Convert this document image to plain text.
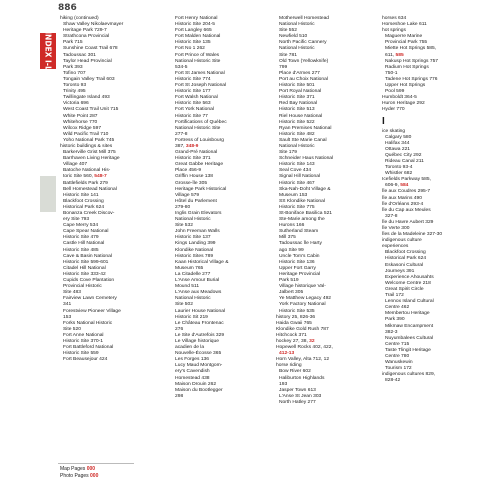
886
INDEX I-L
hiking (continued)
Shaw Valley Nikolaevmayer
Heritage Park 729-7
Strathcona Provincial
Park 715
Sunshine Coast Trail 678
Tadoussac 301
Taylor Head Provincial
Park 393
Tofino 707
Tongain Valley Trail 603
Toronto 93
Trinity 495
Twillingate Island 493
Victoria 696
West Coast Trail Unit 715
White Point 287
Whitehorse 770
Wilcox Ridge 597
Wild Pacific Trail 710
Yoho National Park 745
historic buildings & sites
Barkerville Grist Mill 375
Barrhaven Living Heritage
Village 407
Batoche National His-
toric Site 560, 548-7
Battlefields Park 279
Bell Homestead National
Historic Site 141
Blackfoot Crossing
Historical Park 624
Bonanza Creek Discov-
ery Site 793
Cape Merry 534
Cape Spear National
Historic Site 479
Castle Hill National
Historic Site 485
Cave & Basin National
Historic Site 599-601
Citadel Hill National
Historic Site 333-42
Cupids Cove Plantation
Provincial Historic
Site 483
Fairview Lawn Cemetery
341
Forestview Pioneer Village
153
Forks National Historic
Site 520
Fort Anne National
Historic Site 370-1
Fort Battleford National
Historic Site 559
Fort Beausejour 424
Fort Henry National
Historic Site 204-5
Fort Langley 665
Fort Malden National
Historic Site 135
Fort No 1 262
Fort Prince of Wales
National Historic Site
534-5
Fort St James National
Historic Site 774
Fort St Joseph National
Historic Site 177
Fort Walsh National
Historic Site 563
Fort York National
Historic Site 77
Fortifications of Québec
National Historic Site
277-8
Fortress of Louisbourg
387, 348-9
Grand-Pré National
Historic Site 371
Great Gabbe Heritage
Place 456-9
Griffin House 138
Grosse-Île 305
Heritage Park Historical
Village 579
Hôtel du Parlement
279-80
Inglis Grain Elevators
National Historic
Site 532
John Freeman Walls
Historic Site 137
Kings Landing 399
Klondike National
Historic Sites 789
Kaan Historical Village &
Museum 765
La Citadelle 277
L'Anse Amour Burial
Mound 511
L'Anse aux Meadows
National Historic
Site 502
Laurier House National
Historic Sit 219
Le Château Frontenac
276
Le Site d'Autrefois 329
Le Village historique
acadien de la
Nouvelle-Écosse 365
Les Forges 136
Lucy Maud Montgom-
ery's Cavendish
Homestead 438
Maison Drouin 262
Maison du Bootlegger
298
Motherwell Homestead
National Historic
Site 552
Newfield 510
North Pacific Cannery
National Historic
Site 781
Old Town (Yellowknife)
799
Place d'Armes 277
Port au Choix National
Historic Site 501
Port Royal National
Historic Site 371
Red Bay National
Historic Site 513
Riel House National
Historic Site 522
Ryan Premises National
Historic Site 482
Sault Ste Marie Canal
National Historic
Site 179
Schneider Haus National
Historic Site 143
Seal Cove 434
Signal Hill National
Historic Site 467
Ska-Nah-Doht Village &
Museum 153
SS Klondike National
Historic Site 775
St-Boniface Basilica 521
Ste-Marie among the
Hurons 166
Sutherland Steam
Mill 375
Tadoussac Île Harty
ago Site 99
Uncle Tom's Cabin
Historic Site 136
Upper Fort Garry
Heritage Provincial
Park 519
Village historique Val-
Jalbert 305
Ye Matthew Legacy 492
York Factory National
Historic Site 535
history 25, 826-36
Haida Gwaii 765
Klondike Gold Rush 787
Hitchcock 371
hockey 27, 38, 32
Hopewell Rocks 402, 422,
412-13
Horn Valley, Alta 712, 12
horse riding
Bow River 602
Haliburton Highlands
193
Jasper Town 613
L'Anse St Jean 303
North Hatley 277
horses 634
Horseshoe Lake 611
hot springs
Maguerre Marine
Provincial Park 755
Miette Hot Springs 585,
611, 585
Nakusp Hot Springs 757
Radium Hot Springs
750-1
Tadene Hot Springs 776
Upper Hot Springs
Pool 599
Humboldt 364-5
Huron Heritage 292
Hyder 770
I
ice skating
Calgary 580
Halifax 344
Ottawa 221
Québec City 292
Rideau Canal 211
Toronto 93-4
Whistler 682
Icefields Parkway 585,
606-9, 584
Île aux Coudres 295-7
Île aux Marins 490
Île d'Orléans 293-4
Île du Cap aux Meules
327-8
Île du Havre Aubert 329
Île Verte 300
Îles de la Madeleine 327-30
indigenous culture
experiences
Blackfoot Crossing
Historical Park 624
Eskasoni Cultural
Journeys 391
Experience Ahousahts
Welcome Centre 218
Great Spirit Circle
Trail 172
Lennox Island Cultural
Centre 462
Membertou Heritage
Park 390
Mikmaw Encampment
382-3
Nuyumbalees Cultural
Centre 715
Taste Tlingit Heritage
Centre 780
Wanuskewin
Tourism 172
indigenous cultures 829,
828-42
Map Pages 000
Photo Pages 000
